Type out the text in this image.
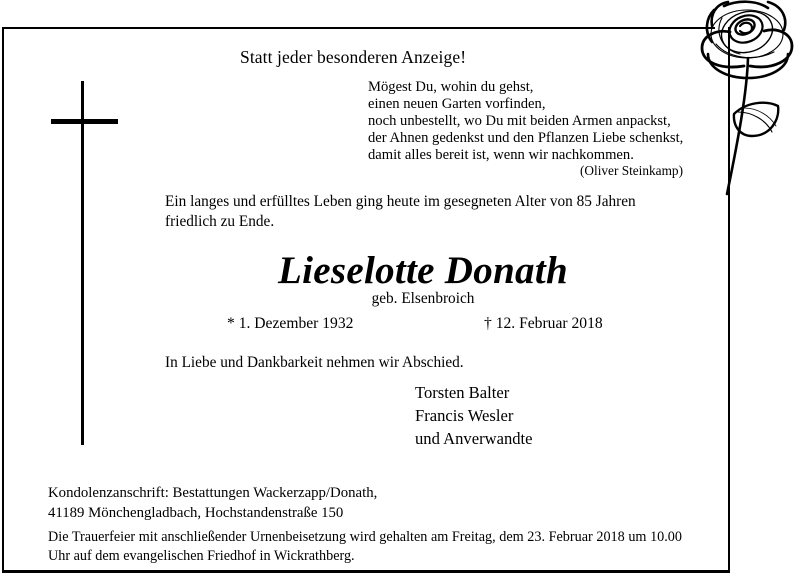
Statt jeder besonderen Anzeige!
Mögest Du, wohin du gehst,
einen neuen Garten vorfinden,
noch unbestellt, wo Du mit beiden Armen anpackst,
der Ahnen gedenkst und den Pflanzen Liebe schenkst,
damit alles bereit ist, wenn wir nachkommen.
(Oliver Steinkamp)
Ein langes und erfülltes Leben ging heute im gesegneten Alter von 85 Jahren
friedlich zu Ende.
Lieselotte Donath
geb. Elsenbroich
* 1. Dezember 1932	† 12. Februar 2018
In Liebe und Dankbarkeit nehmen wir Abschied.
Torsten Balter
Francis Wesler
und Anverwandte
Kondolenzanschrift: Bestattungen Wackerzapp/Donath,
41189 Mönchengladbach, Hochstandenstraße 150
Die Trauerfeier mit anschließender Urnenbeisetzung wird gehalten am Freitag, dem 23. Februar 2018 um 10.00 Uhr auf dem evangelischen Friedhof in Wickrathberg.
